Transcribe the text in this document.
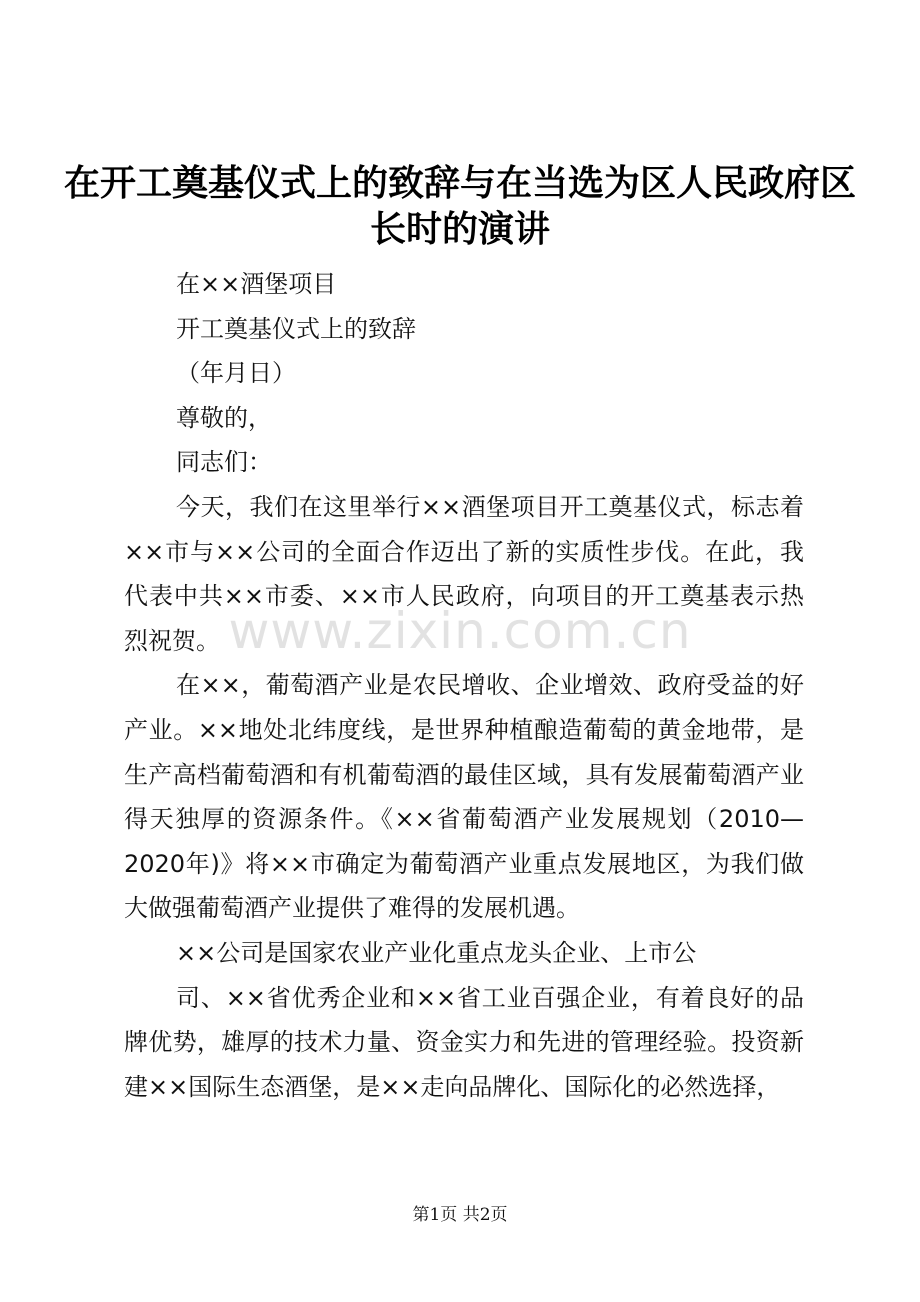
在开工奠基仪式上的致辞与在当选为区人民政府区长时的演讲

在××酒堡项目

开工奠基仪式上的致辞

（年月日）

尊敬的，

同志们：

今天，我们在这里举行××酒堡项目开工奠基仪式，标志着××市与××公司的全面合作迈出了新的实质性步伐。在此，我代表中共××市委、××市人民政府，向项目的开工奠基表示热烈祝贺。

在××，葡萄酒产业是农民增收、企业增效、政府受益的好产业。××地处北纬度线，是世界种植酿造葡萄的黄金地带，是生产高档葡萄酒和有机葡萄酒的最佳区域，具有发展葡萄酒产业得天独厚的资源条件。《××省葡萄酒产业发展规划（2010—2020年)》将××市确定为葡萄酒产业重点发展地区，为我们做大做强葡萄酒产业提供了难得的发展机遇。

××公司是国家农业产业化重点龙头企业、上市公

司、××省优秀企业和××省工业百强企业，有着良好的品牌优势，雄厚的技术力量、资金实力和先进的管理经验。投资新建××国际生态酒堡，是××走向品牌化、国际化的必然选择，

www.zixin.com.cn
第1页 共2页
